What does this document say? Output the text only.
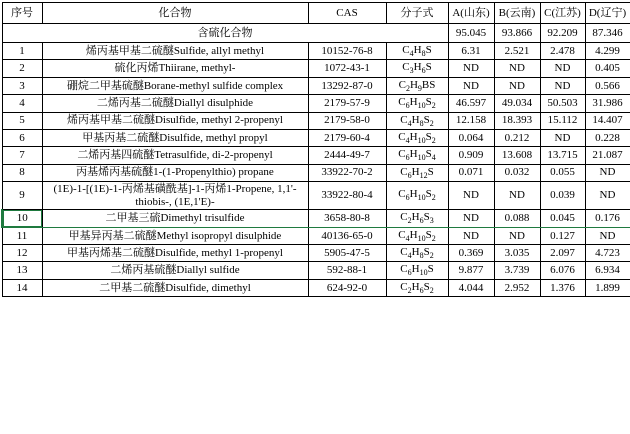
序号	化合物	CAS	分子式	A(山东)	B(云南)	C(江苏)	D(辽宁)
含硫化合物				95.045	93.866	92.209	87.346
1	烯丙基甲基二硫醚Sulfide, allyl methyl	10152-76-8	$C_4H_8S$	6.31	2.521	2.478	4.299
2	硫化丙烯Thiirane, methyl-	1072-43-1	$C_3H_6S$	ND	ND	ND	0.405
3	硼烷二甲基硫醚Borane-methyl sulfide complex	13292-87-0	$C_2H_9BS$	ND	ND	ND	0.566
4	二烯丙基二硫醚Diallyl disulphide	2179-57-9	$C_6H_{10}S_2$	46.597	49.034	50.503	31.986
5	烯丙基甲基二硫醚Disulfide, methyl 2-propenyl	2179-58-0	$C_4H_8S_2$	12.158	18.393	15.112	14.407
6	甲基丙基二硫醚Disulfide, methyl propyl	2179-60-4	$C_4H_{10}S_2$	0.064	0.212	ND	0.228
7	二烯丙基四硫醚Tetrasulfide, di-2-propenyl	2444-49-7	$C_6H_{10}S_4$	0.909	13.608	13.715	21.087
8	丙基烯丙基硫醚1-(1-Propenylthio) propane	33922-70-2	$C_6H_{12}S$	0.071	0.032	0.055	ND
9	(1E)-1-[(1E)-1-丙烯基磺酰基]-1-丙烯1-Propene, 1,1'-thiobis-, (1E,1'E)-	33922-80-4	$C_6H_{10}S_2$	ND	ND	0.039	ND
10	二甲基三硫Dimethyl trisulfide	3658-80-8	$C_2H_6S_3$	ND	0.088	0.045	0.176
11	甲基异丙基二硫醚Methyl isopropyl disulphide	40136-65-0	$C_4H_{10}S_2$	ND	ND	0.127	ND
12	甲基丙烯基二硫醚Disulfide, methyl 1-propenyl	5905-47-5	$C_4H_8S_2$	0.369	3.035	2.097	4.723
13	二烯丙基硫醚Diallyl sulfide	592-88-1	$C_6H_{10}S$	9.877	3.739	6.076	6.934
14	二甲基二硫醚Disulfide, dimethyl	624-92-0	$C_2H_6S_2$	4.044	2.952	1.376	1.899
